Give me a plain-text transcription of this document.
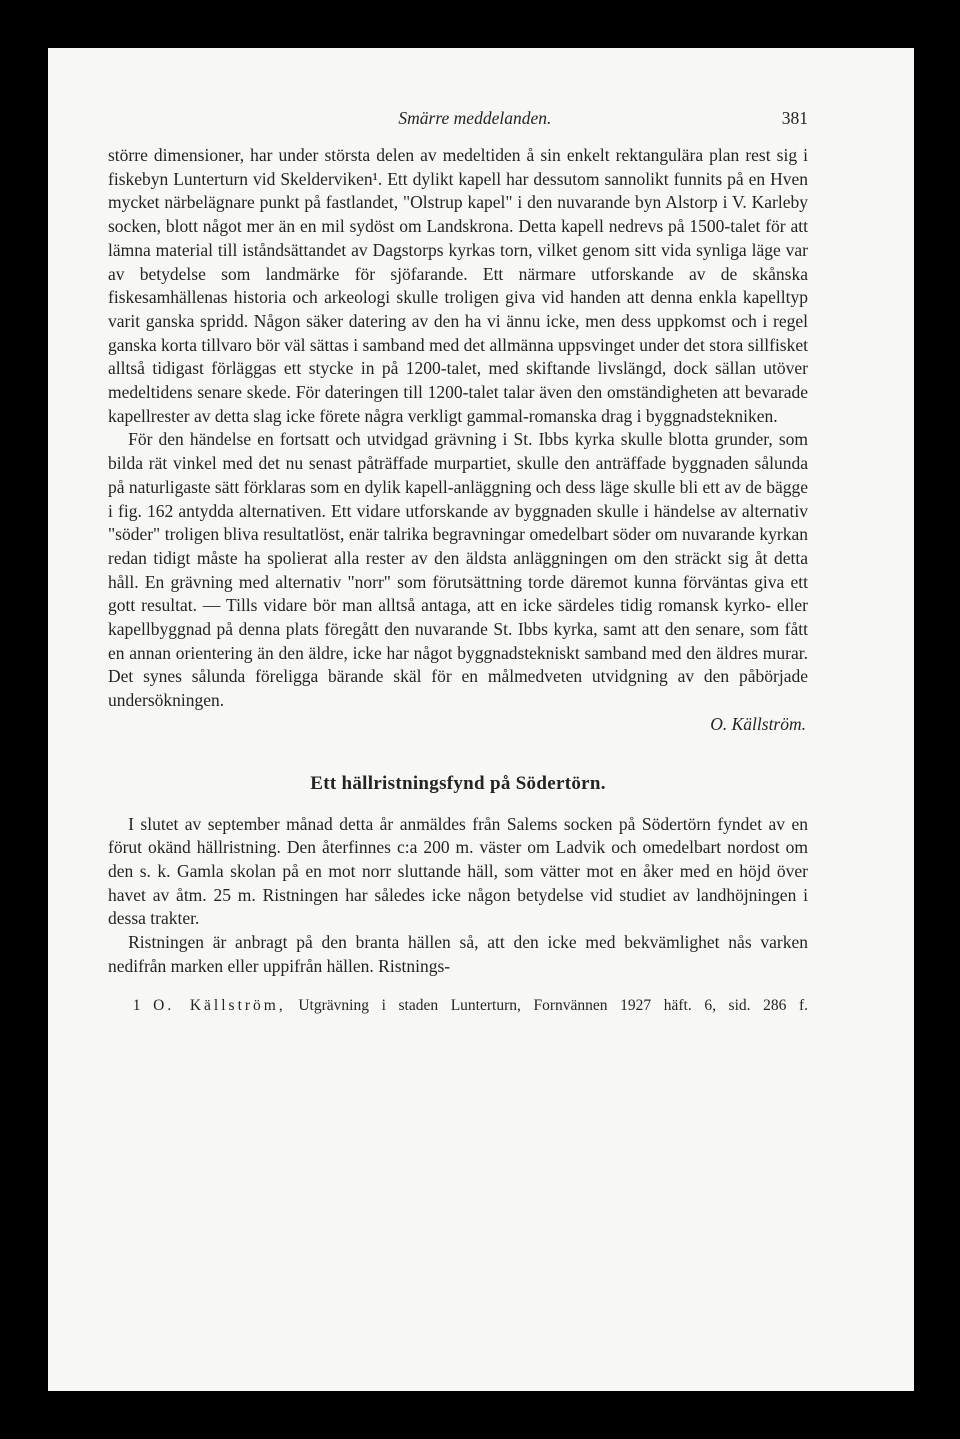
Smärre meddelanden.	381

större dimensioner, har under största delen av medeltiden å sin enkelt rektangulära plan rest sig i fiskebyn Lunterturn vid Skelderviken¹. Ett dylikt kapell har dessutom sannolikt funnits på en Hven mycket närbelägnare punkt på fastlandet, "Olstrup kapel" i den nuvarande byn Alstorp i V. Karleby socken, blott något mer än en mil sydöst om Landskrona. Detta kapell nedrevs på 1500-talet för att lämna material till iståndsättandet av Dagstorps kyrkas torn, vilket genom sitt vida synliga läge var av betydelse som landmärke för sjöfarande. Ett närmare utforskande av de skånska fiskesamhällenas historia och arkeologi skulle troligen giva vid handen att denna enkla kapelltyp varit ganska spridd. Någon säker datering av den ha vi ännu icke, men dess uppkomst och i regel ganska korta tillvaro bör väl sättas i samband med det allmänna uppsvinget under det stora sillfisket alltså tidigast förläggas ett stycke in på 1200-talet, med skiftande livslängd, dock sällan utöver medeltidens senare skede. För dateringen till 1200-talet talar även den omständigheten att bevarade kapellrester av detta slag icke förete några verkligt gammal-romanska drag i byggnadstekniken.

För den händelse en fortsatt och utvidgad grävning i St. Ibbs kyrka skulle blotta grunder, som bilda rät vinkel med det nu senast påträffade murpartiet, skulle den anträffade byggnaden sålunda på naturligaste sätt förklaras som en dylik kapell-anläggning och dess läge skulle bli ett av de bägge i fig. 162 antydda alternativen. Ett vidare utforskande av byggnaden skulle i händelse av alternativ "söder" troligen bliva resultatlöst, enär talrika begravningar omedelbart söder om nuvarande kyrkan redan tidigt måste ha spolierat alla rester av den äldsta anläggningen om den sträckt sig åt detta håll. En grävning med alternativ "norr" som förutsättning torde däremot kunna förväntas giva ett gott resultat. — Tills vidare bör man alltså antaga, att en icke särdeles tidig romansk kyrko- eller kapellbyggnad på denna plats föregått den nuvarande St. Ibbs kyrka, samt att den senare, som fått en annan orientering än den äldre, icke har något byggnadstekniskt samband med den äldres murar. Det synes sålunda föreligga bärande skäl för en målmedveten utvidgning av den påbörjade undersökningen.

O. Källström.
Ett hällristningsfynd på Södertörn.

I slutet av september månad detta år anmäldes från Salems socken på Södertörn fyndet av en förut okänd hällristning. Den återfinnes c:a 200 m. väster om Ladvik och omedelbart nordost om den s. k. Gamla skolan på en mot norr sluttande häll, som vätter mot en åker med en höjd över havet av åtm. 25 m. Ristningen har således icke någon betydelse vid studiet av landhöjningen i dessa trakter.

Ristningen är anbragt på den branta hällen så, att den icke med bekvämlighet nås varken nedifrån marken eller uppifrån hällen. Ristnings-

1 O. Källström, Utgrävning i staden Lunterturn, Fornvännen 1927 häft. 6, sid. 286 f.
